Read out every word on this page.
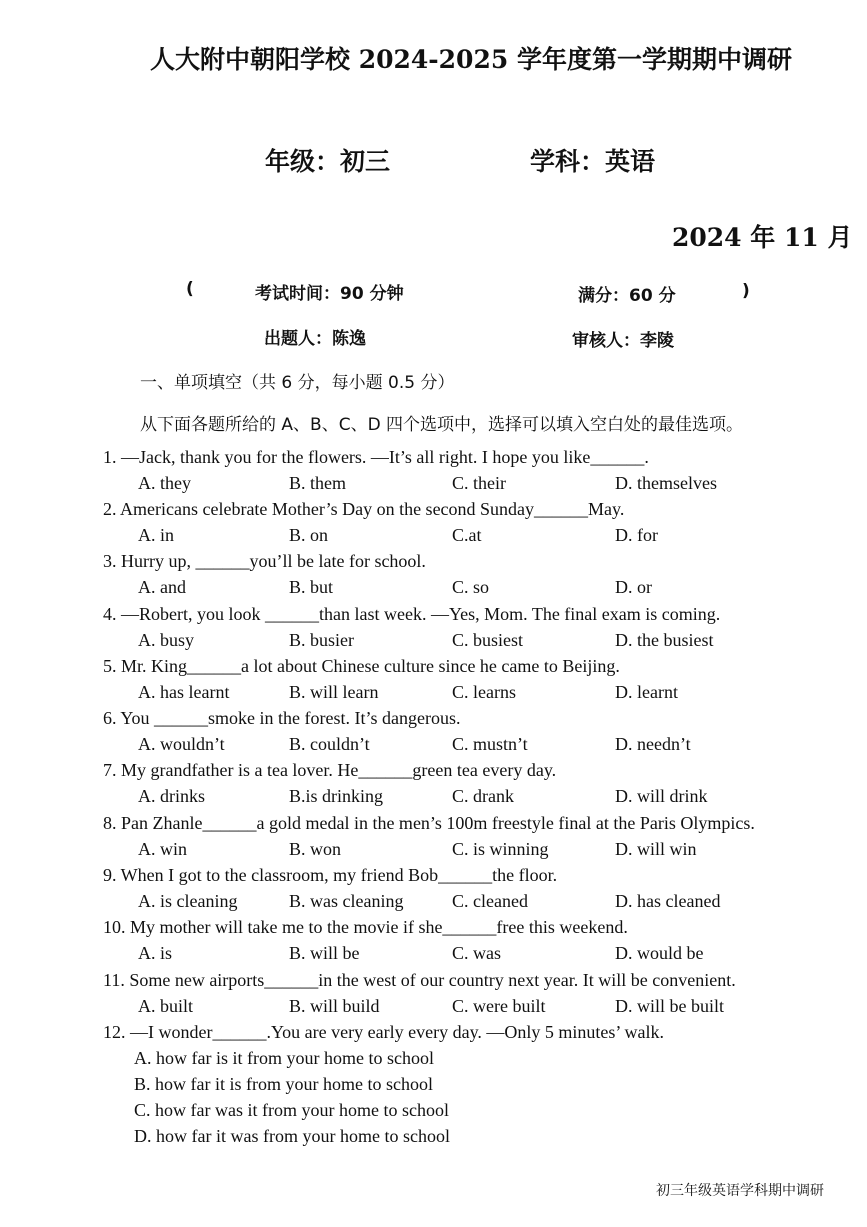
人大附中朝阳学校 2024-2025 学年度第一学期期中调研
年级：初三	学科：英语
2024 年 11 月
(	考试时间：90 分钟	满分：60 分	)
出题人：陈逸	审核人：李陵
一、单项填空（共 6 分，每小题 0.5 分）
从下面各题所给的 A、B、C、D 四个选项中，选择可以填入空白处的最佳选项。
1. —Jack, thank you for the flowers. —It’s all right. I hope you like______.
A. they	B. them	C. their	D. themselves
2. Americans celebrate Mother’s Day on the second Sunday______May.
A. in	B. on	C.at	D. for
3. Hurry up, ______you’ll be late for school.
A. and	B. but	C. so	D. or
4. —Robert, you look ______than last week. —Yes, Mom. The final exam is coming.
A. busy	B. busier	C. busiest	D. the busiest
5. Mr. King______a lot about Chinese culture since he came to Beijing.
A. has learnt	B. will learn	C. learns	D. learnt
6. You ______smoke in the forest. It’s dangerous.
A. wouldn’t	B. couldn’t	C. mustn’t	D. needn’t
7. My grandfather is a tea lover. He______green tea every day.
A. drinks	B.is drinking	C. drank	D. will drink
8. Pan Zhanle______a gold medal in the men’s 100m freestyle final at the Paris Olympics.
A. win	B. won	C. is winning	D. will win
9. When I got to the classroom, my friend Bob______the floor.
A. is cleaning	B. was cleaning	C. cleaned	D. has cleaned
10. My mother will take me to the movie if she______free this weekend.
A. is	B. will be	C. was	D. would be
11. Some new airports______in the west of our country next year. It will be convenient.
A. built	B. will build	C. were built	D. will be built
12. —I wonder______.You are very early every day. —Only 5 minutes’ walk.
A. how far is it from your home to school
B. how far it is from your home to school
C. how far was it from your home to school
D. how far it was from your home to school
初三年级英语学科期中调研
